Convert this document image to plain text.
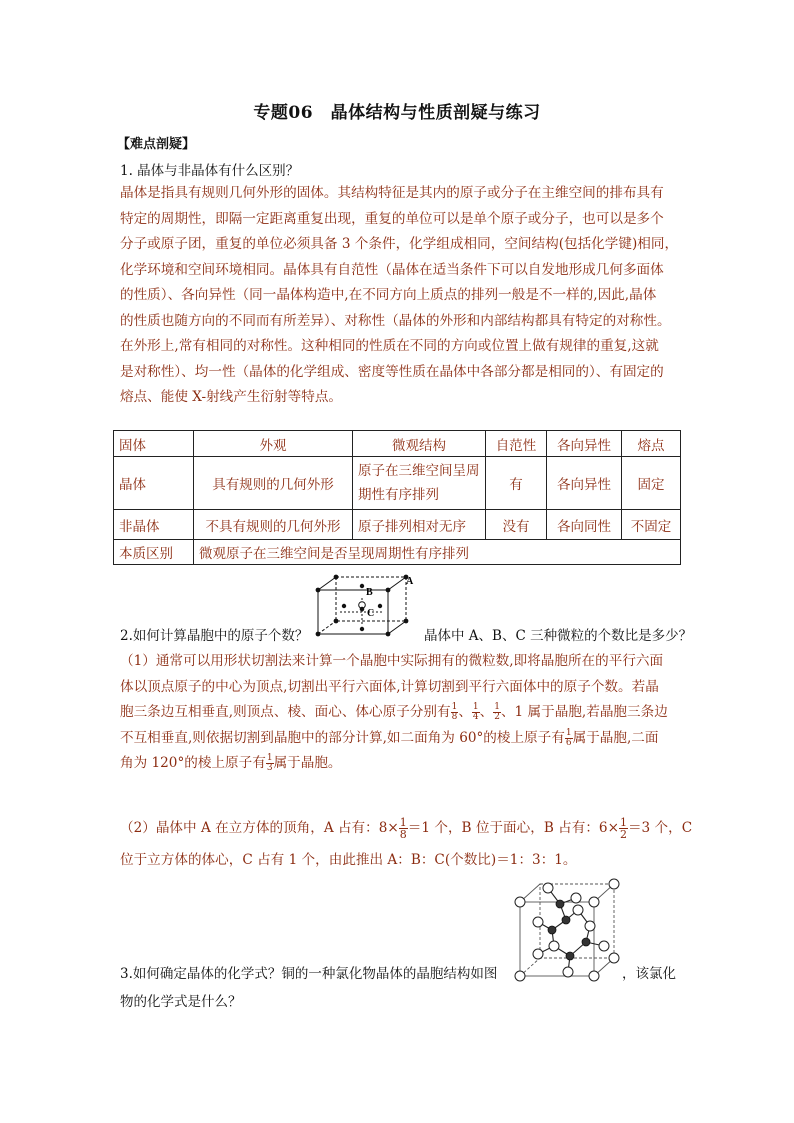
专题06　晶体结构与性质剖疑与练习
【难点剖疑】
1. 晶体与非晶体有什么区别？
晶体是指具有规则几何外形的固体。其结构特征是其内的原子或分子在主维空间的排布具有
特定的周期性，即隔一定距离重复出现，重复的单位可以是单个原子或分子，也可以是多个
分子或原子团，重复的单位必须具备 3 个条件，化学组成相同，空间结构(包括化学键)相同，
化学环境和空间环境相同。晶体具有自范性（晶体在适当条件下可以自发地形成几何多面体
的性质）、各向异性（同一晶体构造中,在不同方向上质点的排列一般是不一样的,因此,晶体
的性质也随方向的不同而有所差异）、对称性（晶体的外形和内部结构都具有特定的对称性。
在外形上,常有相同的对称性。这种相同的性质在不同的方向或位置上做有规律的重复,这就
是对称性）、均一性（晶体的化学组成、密度等性质在晶体中各部分都是相同的）、有固定的
熔点、能使 X-射线产生衍射等特点。
固体	外观	微观结构	自范性	各向异性	熔点
晶体	具有规则的几何外形	原子在三维空间呈周期性有序排列	有	各向异性	固定
非晶体	不具有规则的几何外形	原子排列相对无序	没有	各向同性	不固定
本质区别	微观原子在三维空间是否呈现周期性有序排列				
B
C
A
2.如何计算晶胞中的原子个数？	晶体中 A、B、C 三种微粒的个数比是多少？
（1）通常可以用形状切割法来计算一个晶胞中实际拥有的微粒数,即将晶胞所在的平行六面
体以顶点原子的中心为顶点,切割出平行六面体,计算切割到平行六面体中的原子个数。若晶
胞三条边互相垂直,则顶点、棱、面心、体心原子分别有 $\frac{1}{8}$ 、 $\frac{1}{4}$ 、 $\frac{1}{2}$ 、1 属于晶胞,若晶胞三条边
不互相垂直,则依据切割到晶胞中的部分计算,如二面角为 60°的棱上原子有 $\frac{1}{6}$ 属于晶胞,二面
角为 120°的棱上原子有 $\frac{1}{3}$ 属于晶胞。
（2）晶体中 A 在立方体的顶角，A 占有：$8\times \frac{1}{8} =1$ 个，B 位于面心，B 占有：$6\times \frac{1}{2} =3$ 个，C
位于立方体的体心，C 占有 1 个，由此推出 A：B：C(个数比)＝1：3：1。
3.如何确定晶体的化学式？铜的一种氯化物晶体的晶胞结构如图	，该氯化
物的化学式是什么？
